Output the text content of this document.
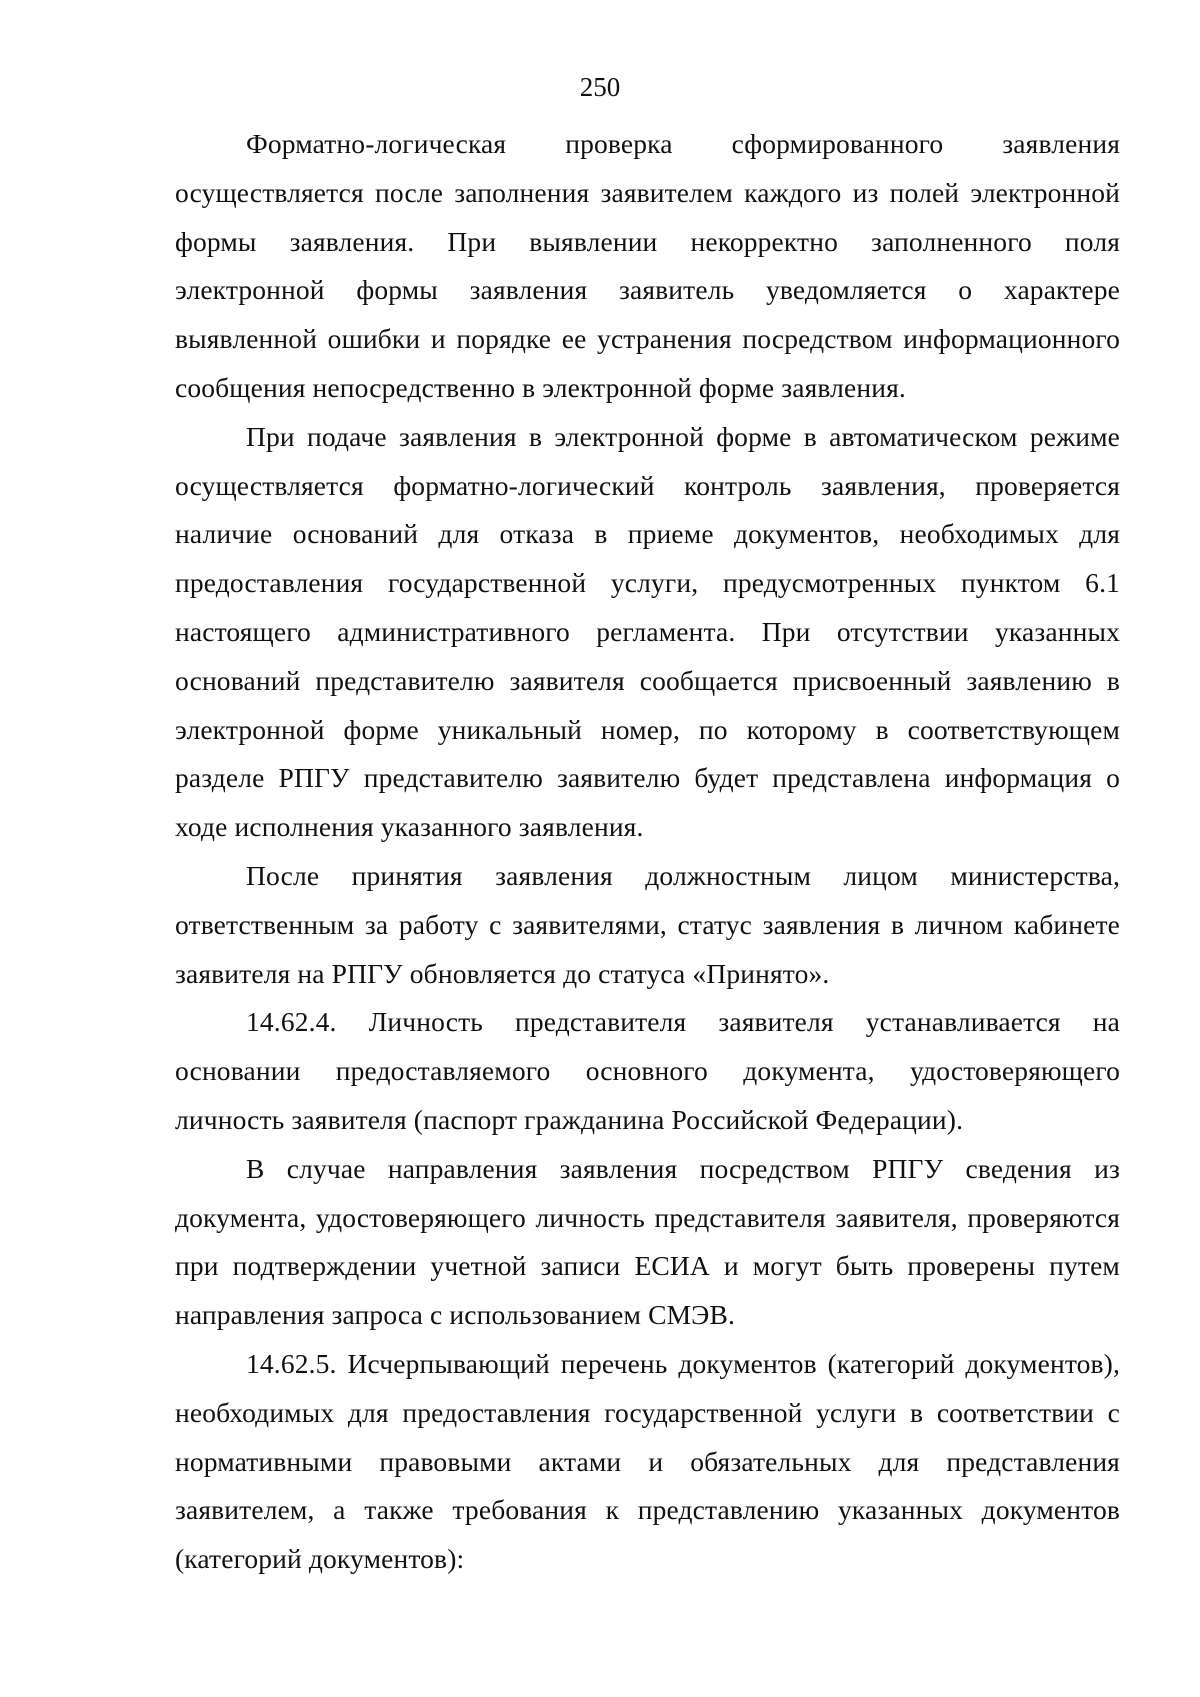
250

Форматно-логическая проверка сформированного заявления осуществляется после заполнения заявителем каждого из полей электронной формы заявления. При выявлении некорректно заполненного поля электронной формы заявления заявитель уведомляется о характере выявленной ошибки и порядке ее устранения посредством информационного сообщения непосредственно в электронной форме заявления.

При подаче заявления в электронной форме в автоматическом режиме осуществляется форматно-логический контроль заявления, проверяется наличие оснований для отказа в приеме документов, необходимых для предоставления государственной услуги, предусмотренных пунктом 6.1 настоящего административного регламента. При отсутствии указанных оснований представителю заявителя сообщается присвоенный заявлению в электронной форме уникальный номер, по которому в соответствующем разделе РПГУ представителю заявителю будет представлена информация о ходе исполнения указанного заявления.

После принятия заявления должностным лицом министерства, ответственным за работу с заявителями, статус заявления в личном кабинете заявителя на РПГУ обновляется до статуса «Принято».

14.62.4. Личность представителя заявителя устанавливается на основании предоставляемого основного документа, удостоверяющего личность заявителя (паспорт гражданина Российской Федерации).

В случае направления заявления посредством РПГУ сведения из документа, удостоверяющего личность представителя заявителя, проверяются при подтверждении учетной записи ЕСИА и могут быть проверены путем направления запроса с использованием СМЭВ.

14.62.5. Исчерпывающий перечень документов (категорий документов), необходимых для предоставления государственной услуги в соответствии с нормативными правовыми актами и обязательных для представления заявителем, а также требования к представлению указанных документов (категорий документов):
